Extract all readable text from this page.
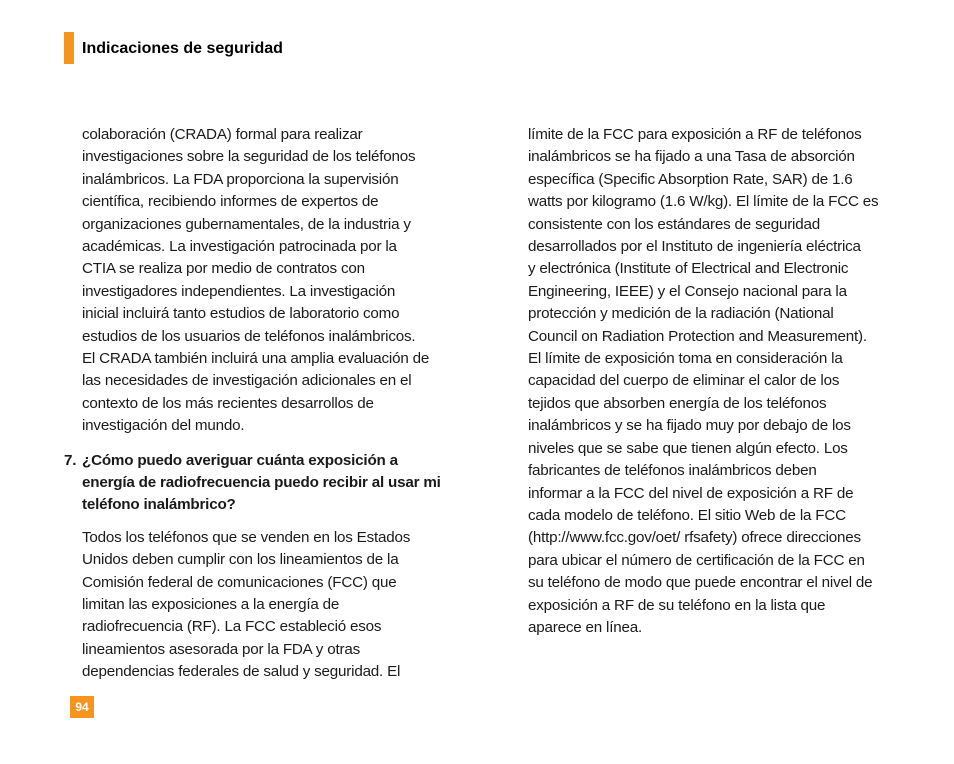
Indicaciones de seguridad
colaboración (CRADA) formal para realizar
investigaciones sobre la seguridad de los teléfonos
inalámbricos. La FDA proporciona la supervisión
científica, recibiendo informes de expertos de
organizaciones gubernamentales, de la industria y
académicas. La investigación patrocinada por la
CTIA se realiza por medio de contratos con
investigadores independientes. La investigación
inicial incluirá tanto estudios de laboratorio como
estudios de los usuarios de teléfonos inalámbricos.
El CRADA también incluirá una amplia evaluación de
las necesidades de investigación adicionales en el
contexto de los más recientes desarrollos de
investigación del mundo.
7. ¿Cómo puedo averiguar cuánta exposición a
energía de radiofrecuencia puedo recibir al usar mi
teléfono inalámbrico?
Todos los teléfonos que se venden en los Estados
Unidos deben cumplir con los lineamientos de la
Comisión federal de comunicaciones (FCC) que
limitan las exposiciones a la energía de
radiofrecuencia (RF). La FCC estableció esos
lineamientos asesorada por la FDA y otras
dependencias federales de salud y seguridad. El
límite de la FCC para exposición a RF de teléfonos
inalámbricos se ha fijado a una Tasa de absorción
específica (Specific Absorption Rate, SAR) de 1.6
watts por kilogramo (1.6 W/kg). El límite de la FCC es
consistente con los estándares de seguridad
desarrollados por el Instituto de ingeniería eléctrica
y electrónica (Institute of Electrical and Electronic
Engineering, IEEE) y el Consejo nacional para la
protección y medición de la radiación (National
Council on Radiation Protection and Measurement).
El límite de exposición toma en consideración la
capacidad del cuerpo de eliminar el calor de los
tejidos que absorben energía de los teléfonos
inalámbricos y se ha fijado muy por debajo de los
niveles que se sabe que tienen algún efecto. Los
fabricantes de teléfonos inalámbricos deben
informar a la FCC del nivel de exposición a RF de
cada modelo de teléfono. El sitio Web de la FCC
(http://www.fcc.gov/oet/ rfsafety) ofrece direcciones
para ubicar el número de certificación de la FCC en
su teléfono de modo que puede encontrar el nivel de
exposición a RF de su teléfono en la lista que
aparece en línea.
94
